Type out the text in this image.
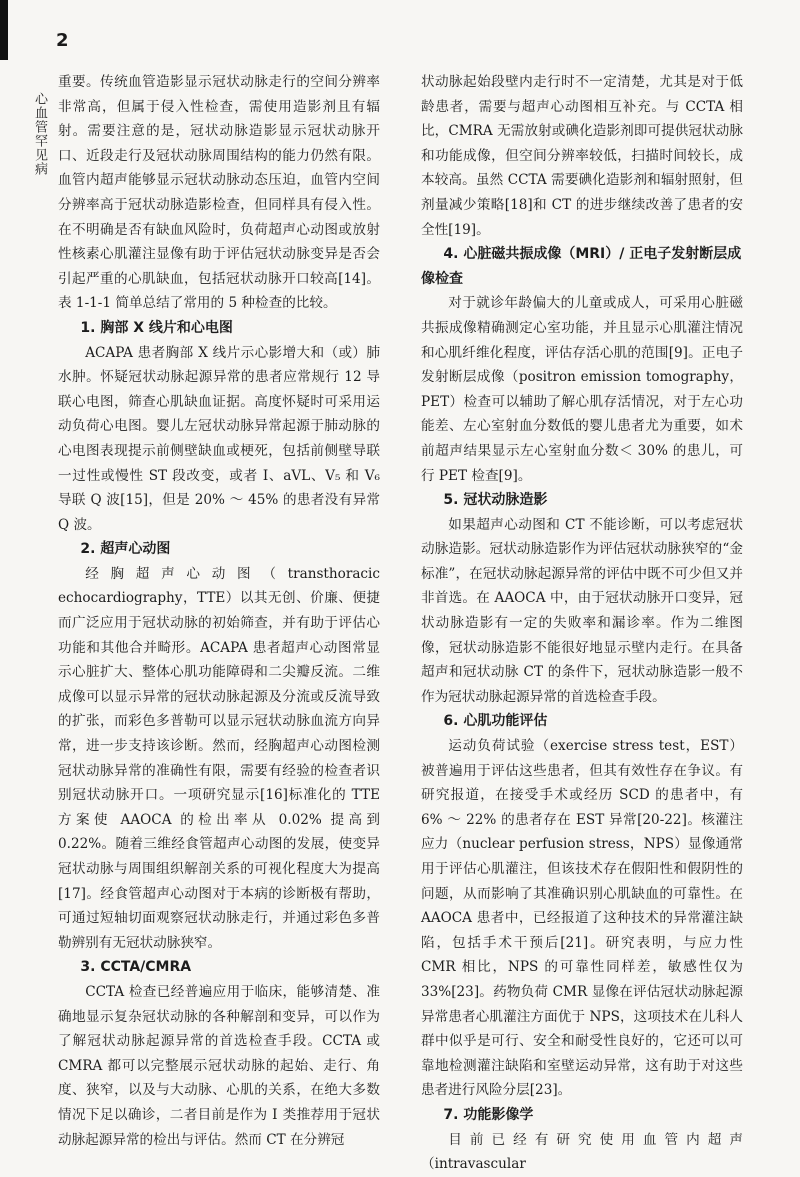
2
心血管罕见病

重要。传统血管造影显示冠状动脉走行的空间分辨率非常高，但属于侵入性检查，需使用造影剂且有辐射。需要注意的是，冠状动脉造影显示冠状动脉开口、近段走行及冠状动脉周围结构的能力仍然有限。血管内超声能够显示冠状动脉动态压迫，血管内空间分辨率高于冠状动脉造影检查，但同样具有侵入性。在不明确是否有缺血风险时，负荷超声心动图或放射性核素心肌灌注显像有助于评估冠状动脉变异是否会引起严重的心肌缺血，包括冠状动脉开口较高[14]。表 1-1-1 简单总结了常用的 5 种检查的比较。

1. 胸部 X 线片和心电图

ACAPA 患者胸部 X 线片示心影增大和（或）肺水肿。怀疑冠状动脉起源异常的患者应常规行 12 导联心电图，筛查心肌缺血证据。高度怀疑时可采用运动负荷心电图。婴儿左冠状动脉异常起源于肺动脉的心电图表现提示前侧壁缺血或梗死，包括前侧壁导联一过性或慢性 ST 段改变，或者 Ⅰ、aVL、V₅ 和 V₆ 导联 Q 波[15]，但是 20% ～ 45% 的患者没有异常 Q 波。

2. 超声心动图

经胸超声心动图（transthoracic echocardiography，TTE）以其无创、价廉、便捷而广泛应用于冠状动脉的初始筛查，并有助于评估心功能和其他合并畸形。ACAPA 患者超声心动图常显示心脏扩大、整体心肌功能障碍和二尖瓣反流。二维成像可以显示异常的冠状动脉起源及分流或反流导致的扩张，而彩色多普勒可以显示冠状动脉血流方向异常，进一步支持该诊断。然而，经胸超声心动图检测冠状动脉异常的准确性有限，需要有经验的检查者识别冠状动脉开口。一项研究显示[16]标准化的 TTE 方案使 AAOCA 的检出率从 0.02% 提高到 0.22%。随着三维经食管超声心动图的发展，使变异冠状动脉与周围组织解剖关系的可视化程度大为提高[17]。经食管超声心动图对于本病的诊断极有帮助，可通过短轴切面观察冠状动脉走行，并通过彩色多普勒辨别有无冠状动脉狭窄。

3. CCTA/CMRA

CCTA 检查已经普遍应用于临床，能够清楚、准确地显示复杂冠状动脉的各种解剖和变异，可以作为了解冠状动脉起源异常的首选检查手段。CCTA 或 CMRA 都可以完整展示冠状动脉的起始、走行、角度、狭窄，以及与大动脉、心肌的关系，在绝大多数情况下足以确诊，二者目前是作为 Ⅰ 类推荐用于冠状动脉起源异常的检出与评估。然而 CT 在分辨冠

状动脉起始段壁内走行时不一定清楚，尤其是对于低龄患者，需要与超声心动图相互补充。与 CCTA 相比，CMRA 无需放射或碘化造影剂即可提供冠状动脉和功能成像，但空间分辨率较低，扫描时间较长，成本较高。虽然 CCTA 需要碘化造影剂和辐射照射，但剂量减少策略[18]和 CT 的进步继续改善了患者的安全性[19]。

4. 心脏磁共振成像（MRI）/ 正电子发射断层成像检查

对于就诊年龄偏大的儿童或成人，可采用心脏磁共振成像精确测定心室功能，并且显示心肌灌注情况和心肌纤维化程度，评估存活心肌的范围[9]。正电子发射断层成像（positron emission tomography，PET）检查可以辅助了解心肌存活情况，对于左心功能差、左心室射血分数低的婴儿患者尤为重要，如术前超声结果显示左心室射血分数＜ 30% 的患儿，可行 PET 检查[9]。

5. 冠状动脉造影

如果超声心动图和 CT 不能诊断，可以考虑冠状动脉造影。冠状动脉造影作为评估冠状动脉狭窄的“金标准”，在冠状动脉起源异常的评估中既不可少但又并非首选。在 AAOCA 中，由于冠状动脉开口变异，冠状动脉造影有一定的失败率和漏诊率。作为二维图像，冠状动脉造影不能很好地显示壁内走行。在具备超声和冠状动脉 CT 的条件下，冠状动脉造影一般不作为冠状动脉起源异常的首选检查手段。

6. 心肌功能评估

运动负荷试验（exercise stress test，EST）被普遍用于评估这些患者，但其有效性存在争议。有研究报道，在接受手术或经历 SCD 的患者中，有 6% ～ 22% 的患者存在 EST 异常[20-22]。核灌注应力（nuclear perfusion stress，NPS）显像通常用于评估心肌灌注，但该技术存在假阳性和假阴性的问题，从而影响了其准确识别心肌缺血的可靠性。在 AAOCA 患者中，已经报道了这种技术的异常灌注缺陷，包括手术干预后[21]。研究表明，与应力性 CMR 相比，NPS 的可靠性同样差，敏感性仅为 33%[23]。药物负荷 CMR 显像在评估冠状动脉起源异常患者心肌灌注方面优于 NPS，这项技术在儿科人群中似乎是可行、安全和耐受性良好的，它还可以可靠地检测灌注缺陷和室壁运动异常，这有助于对这些患者进行风险分层[23]。

7. 功能影像学

目前已经有研究使用血管内超声（intravascular
